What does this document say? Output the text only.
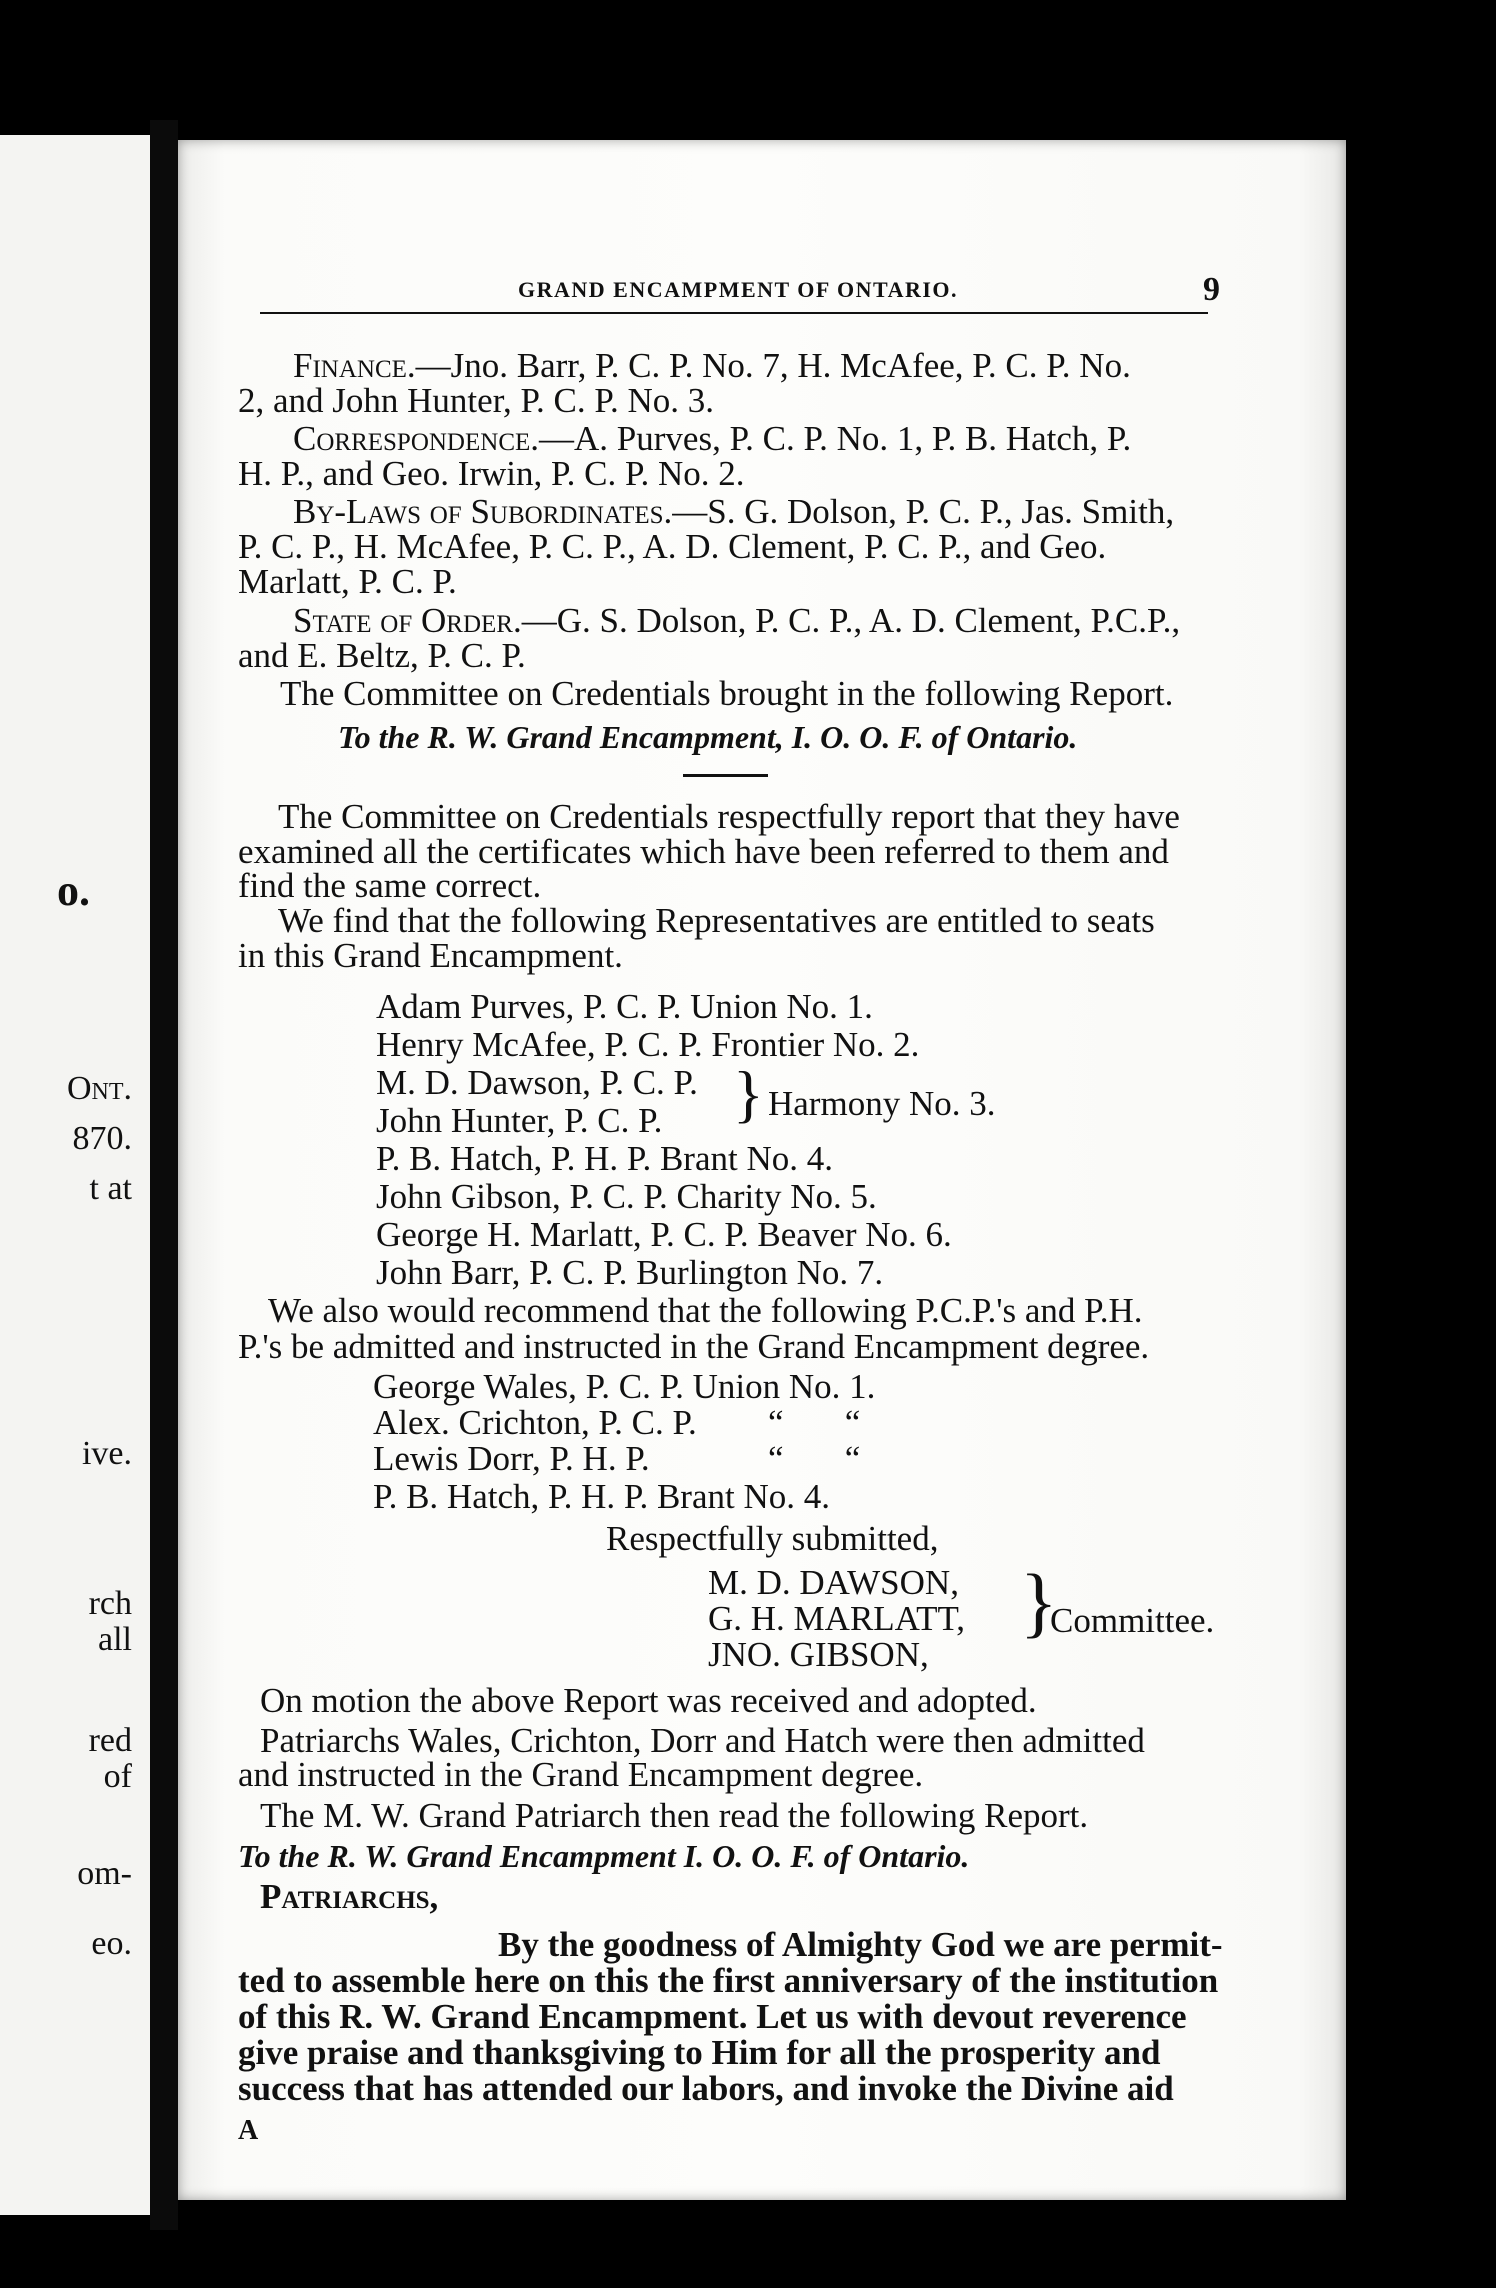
o.
Ont.
870.
t at
ive.
rch
all
red
of
om-
eo.
GRAND ENCAMPMENT OF ONTARIO.	9
Finance.—Jno. Barr, P. C. P. No. 7, H. McAfee, P. C. P. No.
2, and John Hunter, P. C. P. No. 3.
Correspondence.—A. Purves, P. C. P. No. 1, P. B. Hatch, P.
H. P., and Geo. Irwin, P. C. P. No. 2.
By-Laws of Subordinates.—S. G. Dolson, P. C. P., Jas. Smith,
P. C. P., H. McAfee, P. C. P., A. D. Clement, P. C. P., and Geo.
Marlatt, P. C. P.
State of Order.—G. S. Dolson, P. C. P., A. D. Clement, P.C.P.,
and E. Beltz, P. C. P.
The Committee on Credentials brought in the following Report.
To the R. W. Grand Encampment, I. O. O. F. of Ontario.
The Committee on Credentials respectfully report that they have
examined all the certificates which have been referred to them and
find the same correct.
We find that the following Representatives are entitled to seats
in this Grand Encampment.
Adam Purves, P. C. P. Union No. 1.
Henry McAfee, P. C. P. Frontier No. 2.
M. D. Dawson, P. C. P.
John Hunter, P. C. P.	} Harmony No. 3.
P. B. Hatch, P. H. P. Brant No. 4.
John Gibson, P. C. P. Charity No. 5.
George H. Marlatt, P. C. P. Beaver No. 6.
John Barr, P. C. P. Burlington No. 7.
We also would recommend that the following P.C.P.'s and P.H.
P.'s be admitted and instructed in the Grand Encampment degree.
George Wales, P. C. P. Union No. 1.
Alex. Crichton, P. C. P.	“       “
Lewis Dorr, P. H. P.	“       “
P. B. Hatch, P. H. P. Brant No. 4.
Respectfully submitted,
M. D. DAWSON,
G. H. MARLATT,
JNO. GIBSON,
}
Committee.
On motion the above Report was received and adopted.
Patriarchs Wales, Crichton, Dorr and Hatch were then admitted
and instructed in the Grand Encampment degree.
The M. W. Grand Patriarch then read the following Report.
To the R. W. Grand Encampment I. O. O. F. of Ontario.
Patriarchs,
By the goodness of Almighty God we are permit-
ted to assemble here on this the first anniversary of the institution
of this R. W. Grand Encampment. Let us with devout reverence
give praise and thanksgiving to Him for all the prosperity and
success that has attended our labors, and invoke the Divine aid
A
